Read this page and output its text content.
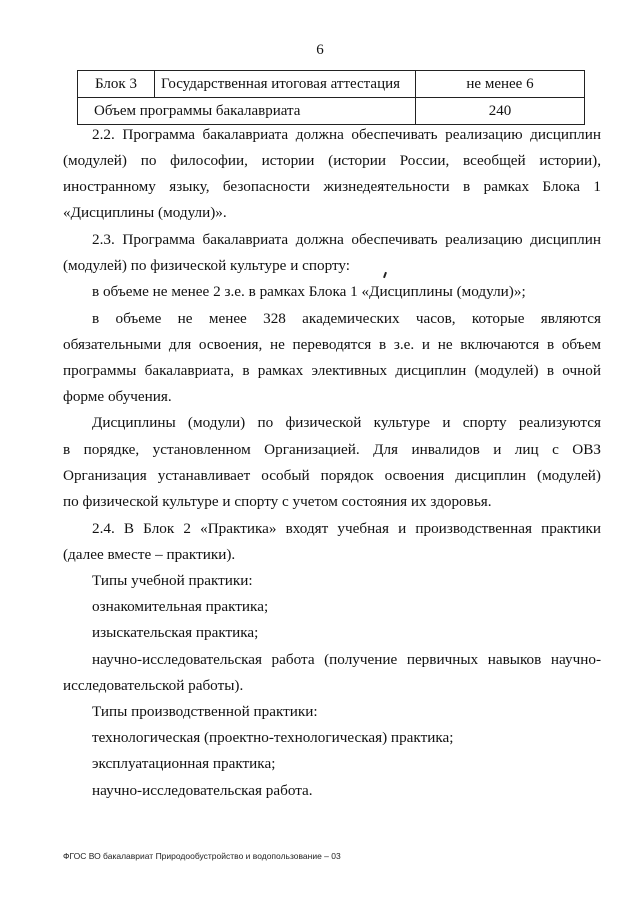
6
Блок 3	Государственная итоговая аттестация	не менее 6
Объем программы бакалавриата		240
2.2. Программа бакалавриата должна обеспечивать реализацию дисциплин
(модулей) по философии, истории (истории России, всеобщей истории),
иностранному языку, безопасности жизнедеятельности в рамках Блока 1
«Дисциплины (модули)».
2.3. Программа бакалавриата должна обеспечивать реализацию дисциплин
(модулей) по физической культуре и спорту:
в объеме не менее 2 з.е. в рамках Блока 1 «Дисциплины (модули)»;
в объеме не менее 328 академических часов, которые являются
обязательными для освоения, не переводятся в з.е. и не включаются в объем
программы бакалавриата, в рамках элективных дисциплин (модулей) в очной
форме обучения.
Дисциплины (модули) по физической культуре и спорту реализуются
в порядке, установленном Организацией. Для инвалидов и лиц с ОВЗ
Организация устанавливает особый порядок освоения дисциплин (модулей)
по физической культуре и спорту с учетом состояния их здоровья.
2.4. В Блок 2 «Практика» входят учебная и производственная практики
(далее вместе – практики).
Типы учебной практики:
ознакомительная практика;
изыскательская практика;
научно-исследовательская работа (получение первичных навыков научно-
исследовательской работы).
Типы производственной практики:
технологическая (проектно-технологическая) практика;
эксплуатационная практика;
научно-исследовательская работа.
ФГОС ВО бакалавриат Природообустройство и водопользование – 03
